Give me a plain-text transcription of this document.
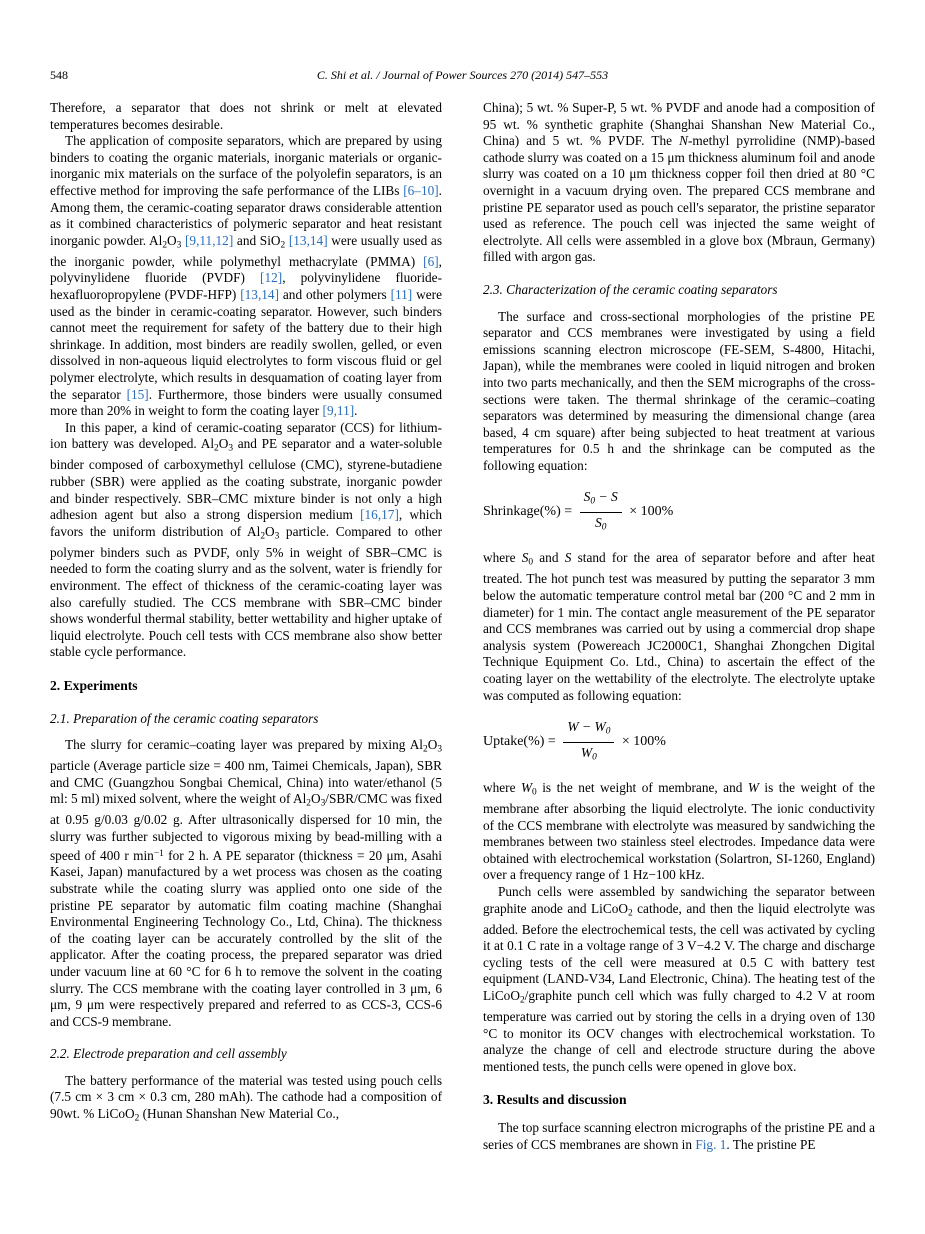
548	C. Shi et al. / Journal of Power Sources 270 (2014) 547–553

Therefore, a separator that does not shrink or melt at elevated temperatures becomes desirable.

The application of composite separators, which are prepared by using binders to coating the organic materials, inorganic materials or organic-inorganic mix materials on the surface of the polyolefin separators, is an effective method for improving the safe performance of the LIBs [6–10]. Among them, the ceramic-coating separator draws considerable attention as it combined characteristics of polymeric separator and heat resistant inorganic powder. $Al_2O_3$ [9,11,12] and SiO$_2$ [13,14] were usually used as the inorganic powder, while polymethyl methacrylate (PMMA) [6], polyvinylidene fluoride (PVDF) [12], polyvinylidene fluoride-hexafluoropropylene (PVDF-HFP) [13,14] and other polymers [11] were used as the binder in ceramic-coating separator. However, such binders cannot meet the requirement for safety of the battery due to their high shrinkage. In addition, most binders are readily swollen, gelled, or even dissolved in non-aqueous liquid electrolytes to form viscous fluid or gel polymer electrolyte, which results in desquamation of coating layer from the separator [15]. Furthermore, those binders were usually consumed more than 20% in weight to form the coating layer [9,11].

In this paper, a kind of ceramic-coating separator (CCS) for lithium-ion battery was developed. $Al_2O_3$ and PE separator and a water-soluble binder composed of carboxymethyl cellulose (CMC), styrene-butadiene rubber (SBR) were applied as the coating substrate, inorganic powder and binder respectively. SBR–CMC mixture binder is not only a high adhesion agent but also a strong dispersion medium [16,17], which favors the uniform distribution of $Al_2O_3$ particle. Compared to other polymer binders such as PVDF, only 5% in weight of SBR–CMC is needed to form the coating slurry and as the solvent, water is friendly for environment. The effect of thickness of the ceramic-coating layer was also carefully studied. The CCS membrane with SBR–CMC binder shows wonderful thermal stability, better wettability and higher uptake of liquid electrolyte. Pouch cell tests with CCS membrane also show better stable cycle performance.

2. Experiments
2.1. Preparation of the ceramic coating separators

The slurry for ceramic–coating layer was prepared by mixing $Al_2O_3$ particle (Average particle size = 400 nm, Taimei Chemicals, Japan), SBR and CMC (Guangzhou Songbai Chemical, China) into water/ethanol (5 ml: 5 ml) mixed solvent, where the weight of $Al_2O_3/SBR$/CMC was fixed at 0.95 g/0.03 g/0.02 g. After ultrasonically dispersed for 10 min, the slurry was further subjected to vigorous mixing by bead-milling with a speed of 400 r $\min^{-1}$ for 2 h. A PE separator (thickness = 20 μm, Asahi Kasei, Japan) manufactured by a wet process was chosen as the coating substrate while the coating slurry was applied onto one side of the pristine PE separator by automatic film coating machine (Shanghai Environmental Engineering Technology Co., Ltd, China). The thickness of the coating layer can be accurately controlled by the slit of the applicator. After the coating process, the prepared separator was dried under vacuum line at 60 °C for 6 h to remove the solvent in the coating slurry. The CCS membrane with the coating layer controlled in 3 μm, 6 μm, 9 μm were respectively prepared and referred to as CCS-3, CCS-6 and CCS-9 membrane.

2.2. Electrode preparation and cell assembly

The battery performance of the material was tested using pouch cells (7.5 cm × 3 cm × 0.3 cm, 280 mAh). The cathode had a composition of 90wt. % LiCoO$_2$ (Hunan Shanshan New Material Co.,

China); 5 wt. % Super-P, 5 wt. % PVDF and anode had a composition of 95 wt. % synthetic graphite (Shanghai Shanshan New Material Co., China) and 5 wt. % PVDF. The N-methyl pyrrolidine (NMP)-based cathode slurry was coated on a 15 μm thickness aluminum foil and anode slurry was coated on a 10 μm thickness copper foil then dried at 80 °C overnight in a vacuum drying oven. The prepared CCS membrane and pristine PE separator used as pouch cell's separator, the pristine separator used as reference. The pouch cell was injected the same weight of electrolyte. All cells were assembled in a glove box (Mbraun, Germany) filled with argon gas.

2.3. Characterization of the ceramic coating separators

The surface and cross-sectional morphologies of the pristine PE separator and CCS membranes were investigated by using a field emissions scanning electron microscope (FE-SEM, S-4800, Hitachi, Japan), while the membranes were cooled in liquid nitrogen and broken into two parts mechanically, and then the SEM micrographs of the cross-sections were taken. The thermal shrinkage of the ceramic–coating separators was determined by measuring the dimensional change (area based, 4 cm square) after being subjected to heat treatment at various temperatures for 0.5 h and the shrinkage can be computed as the following equation:

Shrinkage(%) = $\frac{S_0 - S}{S_0} \times 100\%$

where $S_0$ and S stand for the area of separator before and after heat treated. The hot punch test was measured by putting the separator 3 mm below the automatic temperature control metal bar (200 °C and 2 mm in diameter) for 1 min. The contact angle measurement of the PE separator and CCS membranes was carried out by using a commercial drop shape analysis system (Powereach JC2000C1, Shanghai Zhongchen Digital Technique Equipment Co. Ltd., China) to ascertain the effect of the coating layer on the wettability of the electrolyte. The electrolyte uptake was computed as following equation:

Uptake(%) = $\frac{W - W_0}{W_0} \times 100\%$

where $W_0$ is the net weight of membrane, and W is the weight of the membrane after absorbing the liquid electrolyte. The ionic conductivity of the CCS membrane with electrolyte was measured by sandwiching the membranes between two stainless steel electrodes. Impedance data were obtained with electrochemical workstation (Solartron, SI-1260, England) over a frequency range of 1 Hz−100 kHz.

Punch cells were assembled by sandwiching the separator between graphite anode and LiCoO$_2$ cathode, and then the liquid electrolyte was added. Before the electrochemical tests, the cell was activated by cycling it at 0.1 C rate in a voltage range of 3 V−4.2 V. The charge and discharge cycling tests of the cell were measured at 0.5 C with battery test equipment (LAND-V34, Land Electronic, China). The heating test of the LiCoO$_2$/graphite punch cell which was fully charged to 4.2 V at room temperature was carried out by storing the cells in a drying oven of 130 °C to monitor its OCV changes with electrochemical workstation. To analyze the change of cell and electrode structure during the above mentioned tests, the punch cells were opened in glove box.

3. Results and discussion

The top surface scanning electron micrographs of the pristine PE and a series of CCS membranes are shown in Fig. 1. The pristine PE
